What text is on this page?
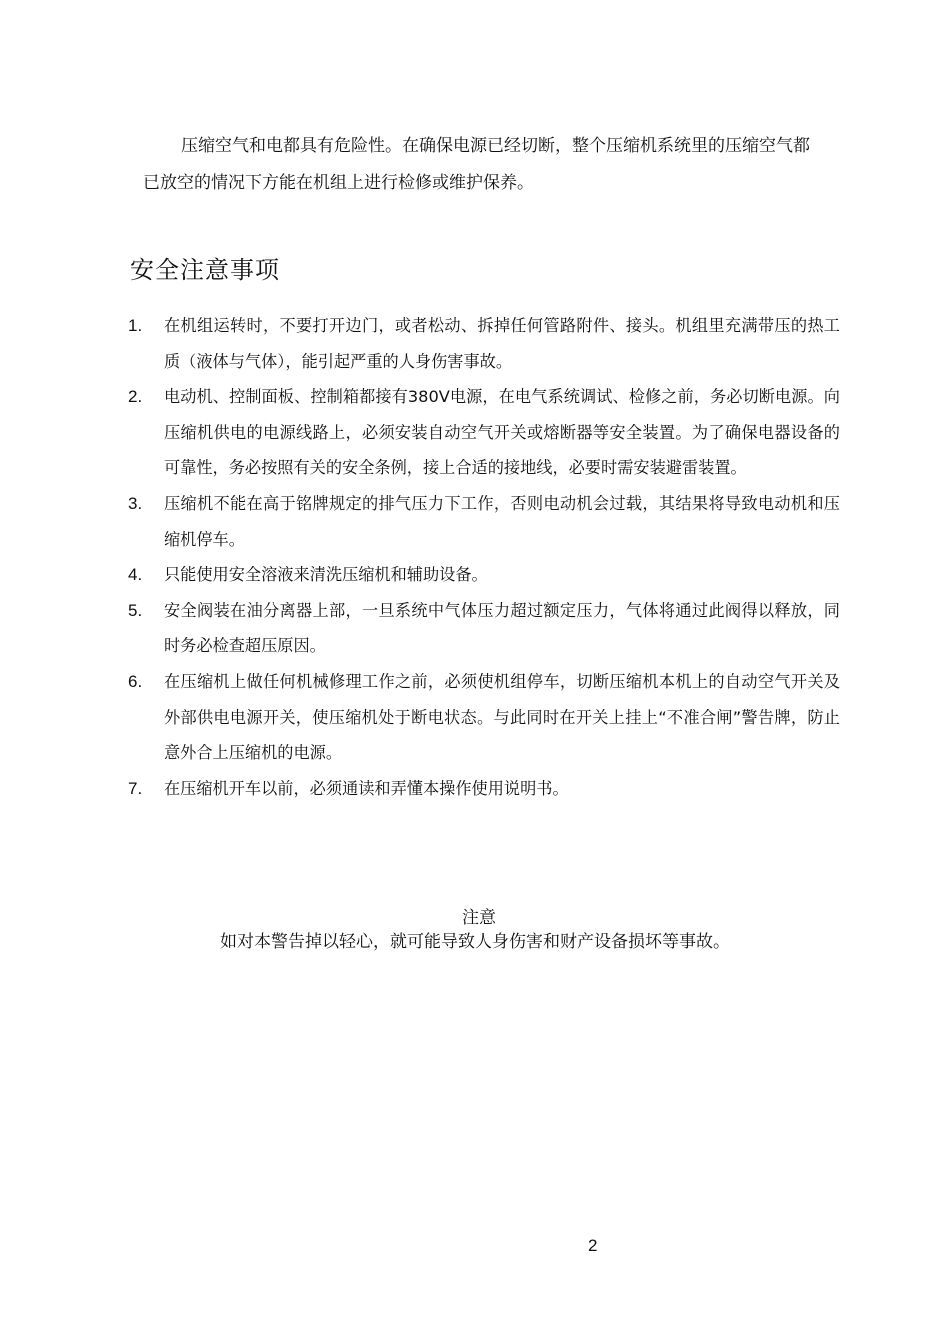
压缩空气和电都具有危险性。在确保电源已经切断，整个压缩机系统里的压缩空气都已放空的情况下方能在机组上进行检修或维护保养。

安全注意事项
1.	在机组运转时，不要打开边门，或者松动、拆掉任何管路附件、接头。机组里充满带压的热工质（液体与气体），能引起严重的人身伤害事故。
2.	电动机、控制面板、控制箱都接有380V电源，在电气系统调试、检修之前，务必切断电源。向压缩机供电的电源线路上，必须安装自动空气开关或熔断器等安全装置。为了确保电器设备的可靠性，务必按照有关的安全条例，接上合适的接地线，必要时需安装避雷装置。
3.	压缩机不能在高于铭牌规定的排气压力下工作，否则电动机会过载，其结果将导致电动机和压缩机停车。
4.	只能使用安全溶液来清洗压缩机和辅助设备。
5.	安全阀装在油分离器上部，一旦系统中气体压力超过额定压力，气体将通过此阀得以释放，同时务必检查超压原因。
6.	在压缩机上做任何机械修理工作之前，必须使机组停车，切断压缩机本机上的自动空气开关及外部供电电源开关，使压缩机处于断电状态。与此同时在开关上挂上“不准合闸”警告牌，防止意外合上压缩机的电源。
7.	在压缩机开车以前，必须通读和弄懂本操作使用说明书。
注意
如对本警告掉以轻心，就可能导致人身伤害和财产设备损坏等事故。
2
